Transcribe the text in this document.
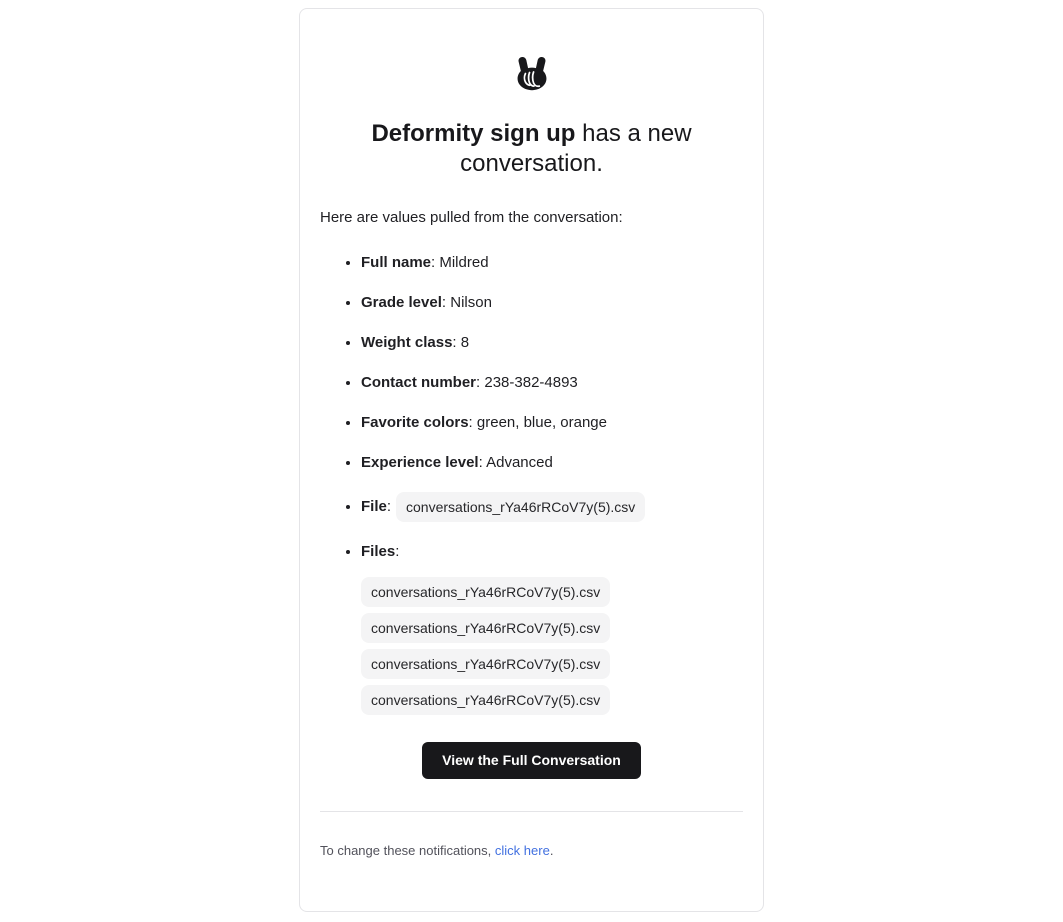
Deformity sign up has a new conversation.

Here are values pulled from the conversation:

• Full name: Mildred
• Grade level: Nilson
• Weight class: 8
• Contact number: 238-382-4893
• Favorite colors: green, blue, orange
• Experience level: Advanced
• File: conversations_rYa46rRCoV7y(5).csv
• Files:
conversations_rYa46rRCoV7y(5).csv
conversations_rYa46rRCoV7y(5).csv
conversations_rYa46rRCoV7y(5).csv
conversations_rYa46rRCoV7y(5).csv
View the Full Conversation

To change these notifications, click here.
